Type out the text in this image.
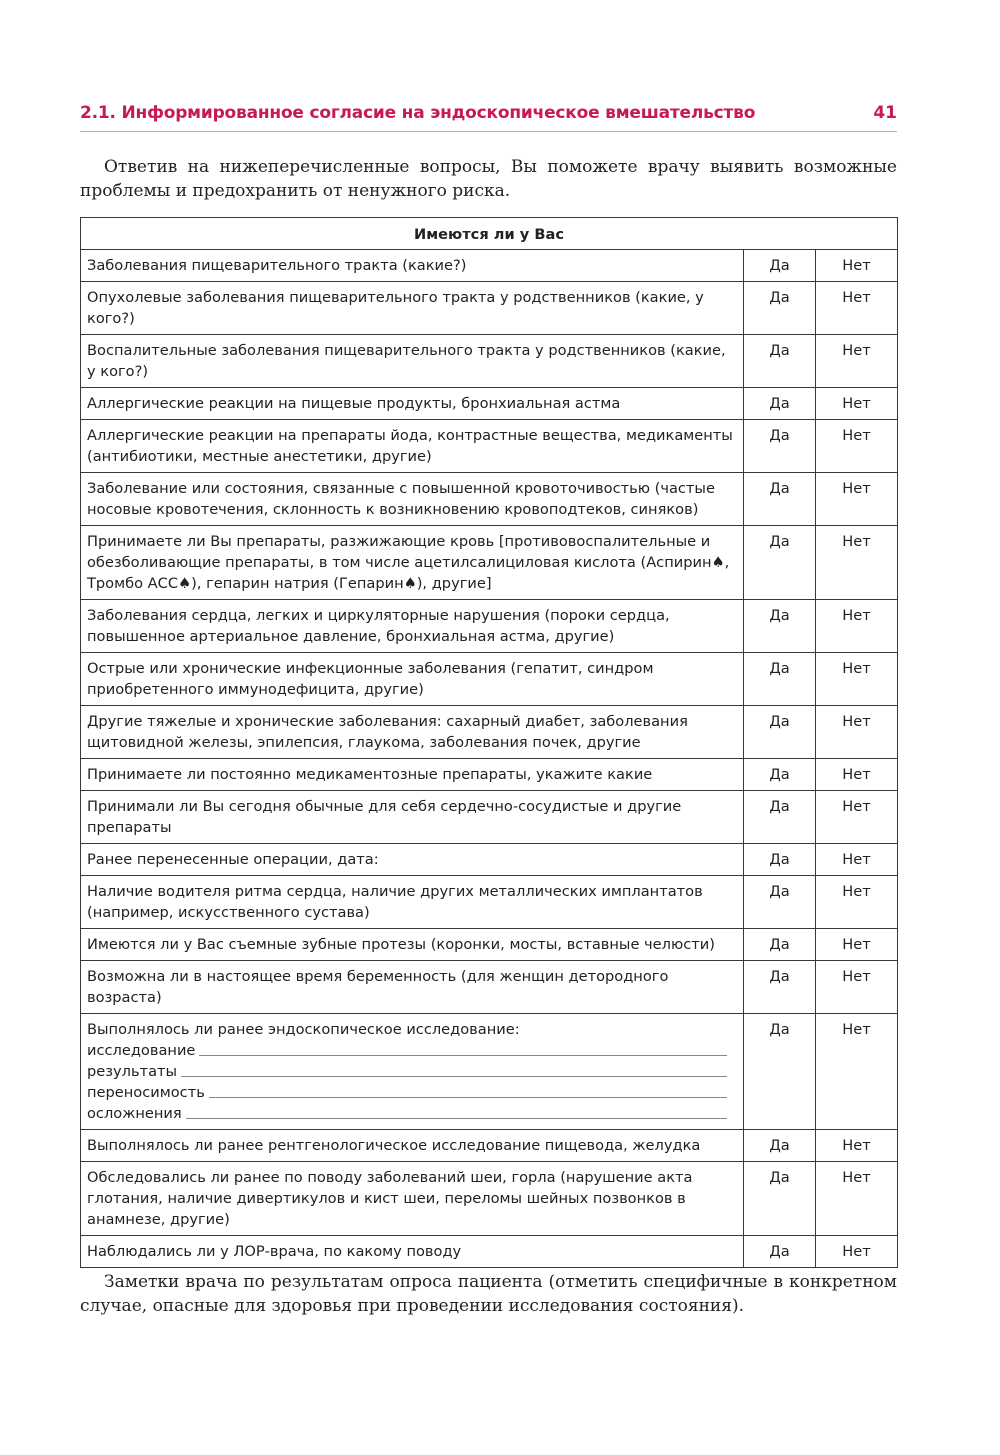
2.1. Информированное согласие на эндоскопическое вмешательство	41

Ответив на нижеперечисленные вопросы, Вы поможете врачу выявить возможные проблемы и предохранить от ненужного риска.

Имеются ли у Вас		
Заболевания пищеварительного тракта (какие?)	Да	Нет
Опухолевые заболевания пищеварительного тракта у родственников (какие, у кого?)	Да	Нет
Воспалительные заболевания пищеварительного тракта у родственников (какие, у кого?)	Да	Нет
Аллергические реакции на пищевые продукты, бронхиальная астма	Да	Нет
Аллергические реакции на препараты йода, контрастные вещества, медикаменты (антибиотики, местные анестетики, другие)	Да	Нет
Заболевание или состояния, связанные с повышенной кровоточивостью (частые носовые кровотечения, склонность к возникновению кровоподтеков, синяков)	Да	Нет
Принимаете ли Вы препараты, разжижающие кровь [противовоспалительные и обезболивающие препараты, в том числе ацетилсалициловая кислота (Аспирин♠, Тромбо АСС♠), гепарин натрия (Гепарин♠), другие]	Да	Нет
Заболевания сердца, легких и циркуляторные нарушения (пороки сердца, повышенное артериальное давление, бронхиальная астма, другие)	Да	Нет
Острые или хронические инфекционные заболевания (гепатит, синдром приобретенного иммунодефицита, другие)	Да	Нет
Другие тяжелые и хронические заболевания: сахарный диабет, заболевания щитовидной железы, эпилепсия, глаукома, заболевания почек, другие	Да	Нет
Принимаете ли постоянно медикаментозные препараты, укажите какие	Да	Нет
Принимали ли Вы сегодня обычные для себя сердечно-сосудистые и другие препараты	Да	Нет
Ранее перенесенные операции, дата:	Да	Нет
Наличие водителя ритма сердца, наличие других металлических имплантатов (например, искусственного сустава)	Да	Нет
Имеются ли у Вас съемные зубные протезы (коронки, мосты, вставные челюсти)	Да	Нет
Возможна ли в настоящее время беременность (для женщин детородного возраста)	Да	Нет

Выполнялось ли ранее эндоскопическое исследование:
исследование
результаты
переносимость
осложнения	Да	Нет
Выполнялось ли ранее рентгенологическое исследование пищевода, желудка	Да	Нет
Обследовались ли ранее по поводу заболеваний шеи, горла (нарушение акта глотания, наличие дивертикулов и кист шеи, переломы шейных позвонков в анамнезе, другие)	Да	Нет
Наблюдались ли у ЛОР-врача, по какому поводу	Да	Нет

Заметки врача по результатам опроса пациента (отметить специфичные в конкретном случае, опасные для здоровья при проведении исследования состояния).
